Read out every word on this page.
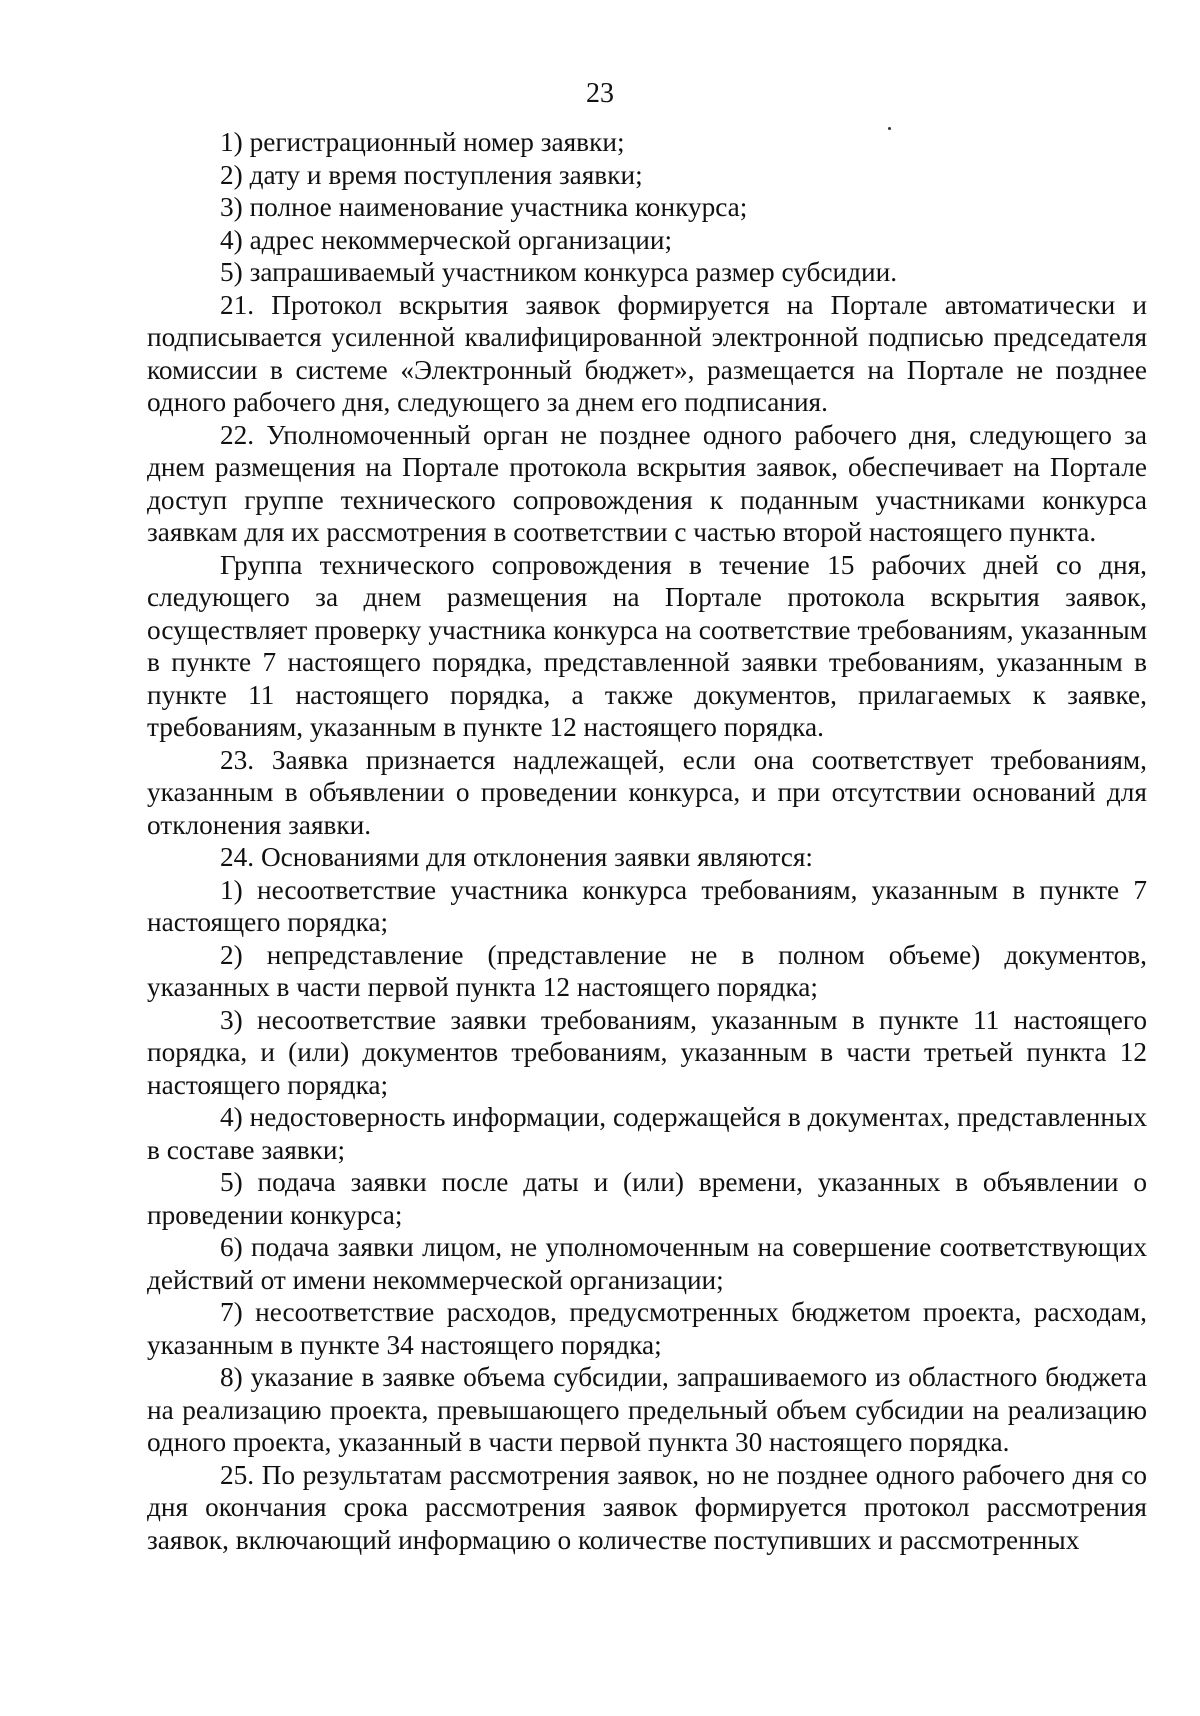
23

1) регистрационный номер заявки;

2) дату и время поступления заявки;

3) полное наименование участника конкурса;

4) адрес некоммерческой организации;

5) запрашиваемый участником конкурса размер субсидии.

21. Протокол вскрытия заявок формируется на Портале автоматически и подписывается усиленной квалифицированной электронной подписью председателя комиссии в системе «Электронный бюджет», размещается на Портале не позднее одного рабочего дня, следующего за днем его подписания.

22. Уполномоченный орган не позднее одного рабочего дня, следующего за днем размещения на Портале протокола вскрытия заявок, обеспечивает на Портале доступ группе технического сопровождения к поданным участниками конкурса заявкам для их рассмотрения в соответствии с частью второй настоящего пункта.

Группа технического сопровождения в течение 15 рабочих дней со дня, следующего за днем размещения на Портале протокола вскрытия заявок, осуществляет проверку участника конкурса на соответствие требованиям, указанным в пункте 7 настоящего порядка, представленной заявки требованиям, указанным в пункте 11 настоящего порядка, а также документов, прилагаемых к заявке, требованиям, указанным в пункте 12 настоящего порядка.

23. Заявка признается надлежащей, если она соответствует требованиям, указанным в объявлении о проведении конкурса, и при отсутствии оснований для отклонения заявки.

24. Основаниями для отклонения заявки являются:

1) несоответствие участника конкурса требованиям, указанным в пункте 7 настоящего порядка;

2) непредставление (представление не в полном объеме) документов, указанных в части первой пункта 12 настоящего порядка;

3) несоответствие заявки требованиям, указанным в пункте 11 настоящего порядка, и (или) документов требованиям, указанным в части третьей пункта 12 настоящего порядка;

4) недостоверность информации, содержащейся в документах, представленных в составе заявки;

5) подача заявки после даты и (или) времени, указанных в объявлении о проведении конкурса;

6) подача заявки лицом, не уполномоченным на совершение соответствующих действий от имени некоммерческой организации;

7) несоответствие расходов, предусмотренных бюджетом проекта, расходам, указанным в пункте 34 настоящего порядка;

8) указание в заявке объема субсидии, запрашиваемого из областного бюджета на реализацию проекта, превышающего предельный объем субсидии на реализацию одного проекта, указанный в части первой пункта 30 настоящего порядка.

25. По результатам рассмотрения заявок, но не позднее одного рабочего дня со дня окончания срока рассмотрения заявок формируется протокол рассмотрения заявок, включающий информацию о количестве поступивших и рассмотренных
